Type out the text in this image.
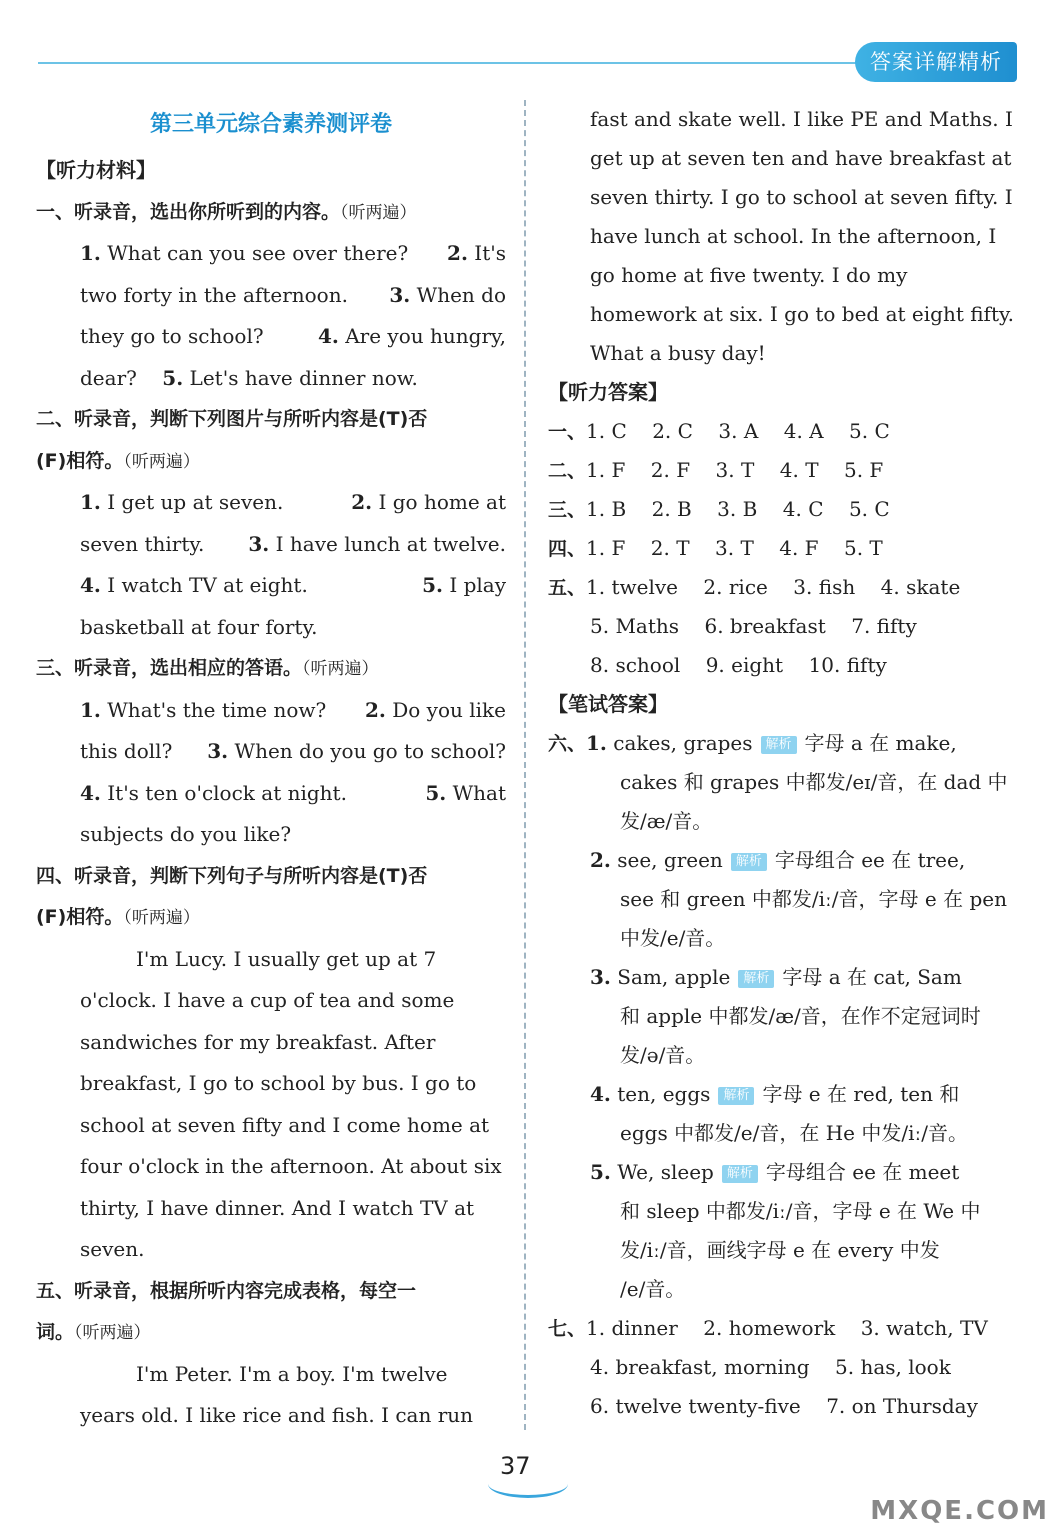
答案详解精析
第三单元综合素养测评卷
【听力材料】
一、听录音，选出你所听到的内容。（听两遍）
1. What can you see over there? 2. It's
two forty in the afternoon. 3. When do
they go to school?	4. Are you hungry,
dear? 5. Let's have dinner now.
二、听录音，判断下列图片与所听内容是(T)否
(F)相符。（听两遍）
1. I get up at seven.	2. I go home at
seven thirty. 3. I have lunch at twelve.
4. I watch TV at eight.	5. I play
basketball at four forty.
三、听录音，选出相应的答语。（听两遍）
1. What's the time now? 2. Do you like
this doll? 3. When do you go to school?
4. It's ten o'clock at night.	5. What
subjects do you like?
四、听录音，判断下列句子与所听内容是(T)否
(F)相符。（听两遍）
I'm Lucy. I usually get up at 7
o'clock. I have a cup of tea and some
sandwiches for my breakfast. After
breakfast, I go to school by bus. I go to
school at seven fifty and I come home at
four o'clock in the afternoon. At about six
thirty, I have dinner. And I watch TV at
seven.
五、听录音，根据所听内容完成表格，每空一
词。（听两遍）
I'm Peter. I'm a boy. I'm twelve
years old. I like rice and fish. I can run
fast and skate well. I like PE and Maths. I
get up at seven ten and have breakfast at
seven thirty. I go to school at seven fifty. I
have lunch at school. In the afternoon, I
go home at five twenty. I do my
homework at six. I go to bed at eight fifty.
What a busy day!
【听力答案】
一、1. C 2. C 3. A 4. A 5. C
二、1. F 2. F 3. T 4. T 5. F
三、1. B 2. B 3. B 4. C 5. C
四、1. F 2. T 3. T 4. F 5. T
五、1. twelve 2. rice 3. fish 4. skate
5. Maths 6. breakfast 7. fifty
8. school 9. eight 10. fifty
【笔试答案】
六、1. cakes, grapes 解析 字母 a 在 make,
cakes 和 grapes 中都发/eɪ/音，在 dad 中
发/æ/音。
2. see, green 解析 字母组合 ee 在 tree,
see 和 green 中都发/iː/音，字母 e 在 pen
中发/e/音。
3. Sam, apple 解析 字母 a 在 cat, Sam
和 apple 中都发/æ/音，在作不定冠词时
发/ə/音。
4. ten, eggs 解析 字母 e 在 red, ten 和
eggs 中都发/e/音，在 He 中发/iː/音。
5. We, sleep 解析 字母组合 ee 在 meet
和 sleep 中都发/iː/音，字母 e 在 We 中
发/iː/音，画线字母 e 在 every 中发
/e/音。
七、1. dinner 2. homework 3. watch, TV
4. breakfast, morning 5. has, look
6. twelve twenty-five 7. on Thursday
37
MXQE.COM
